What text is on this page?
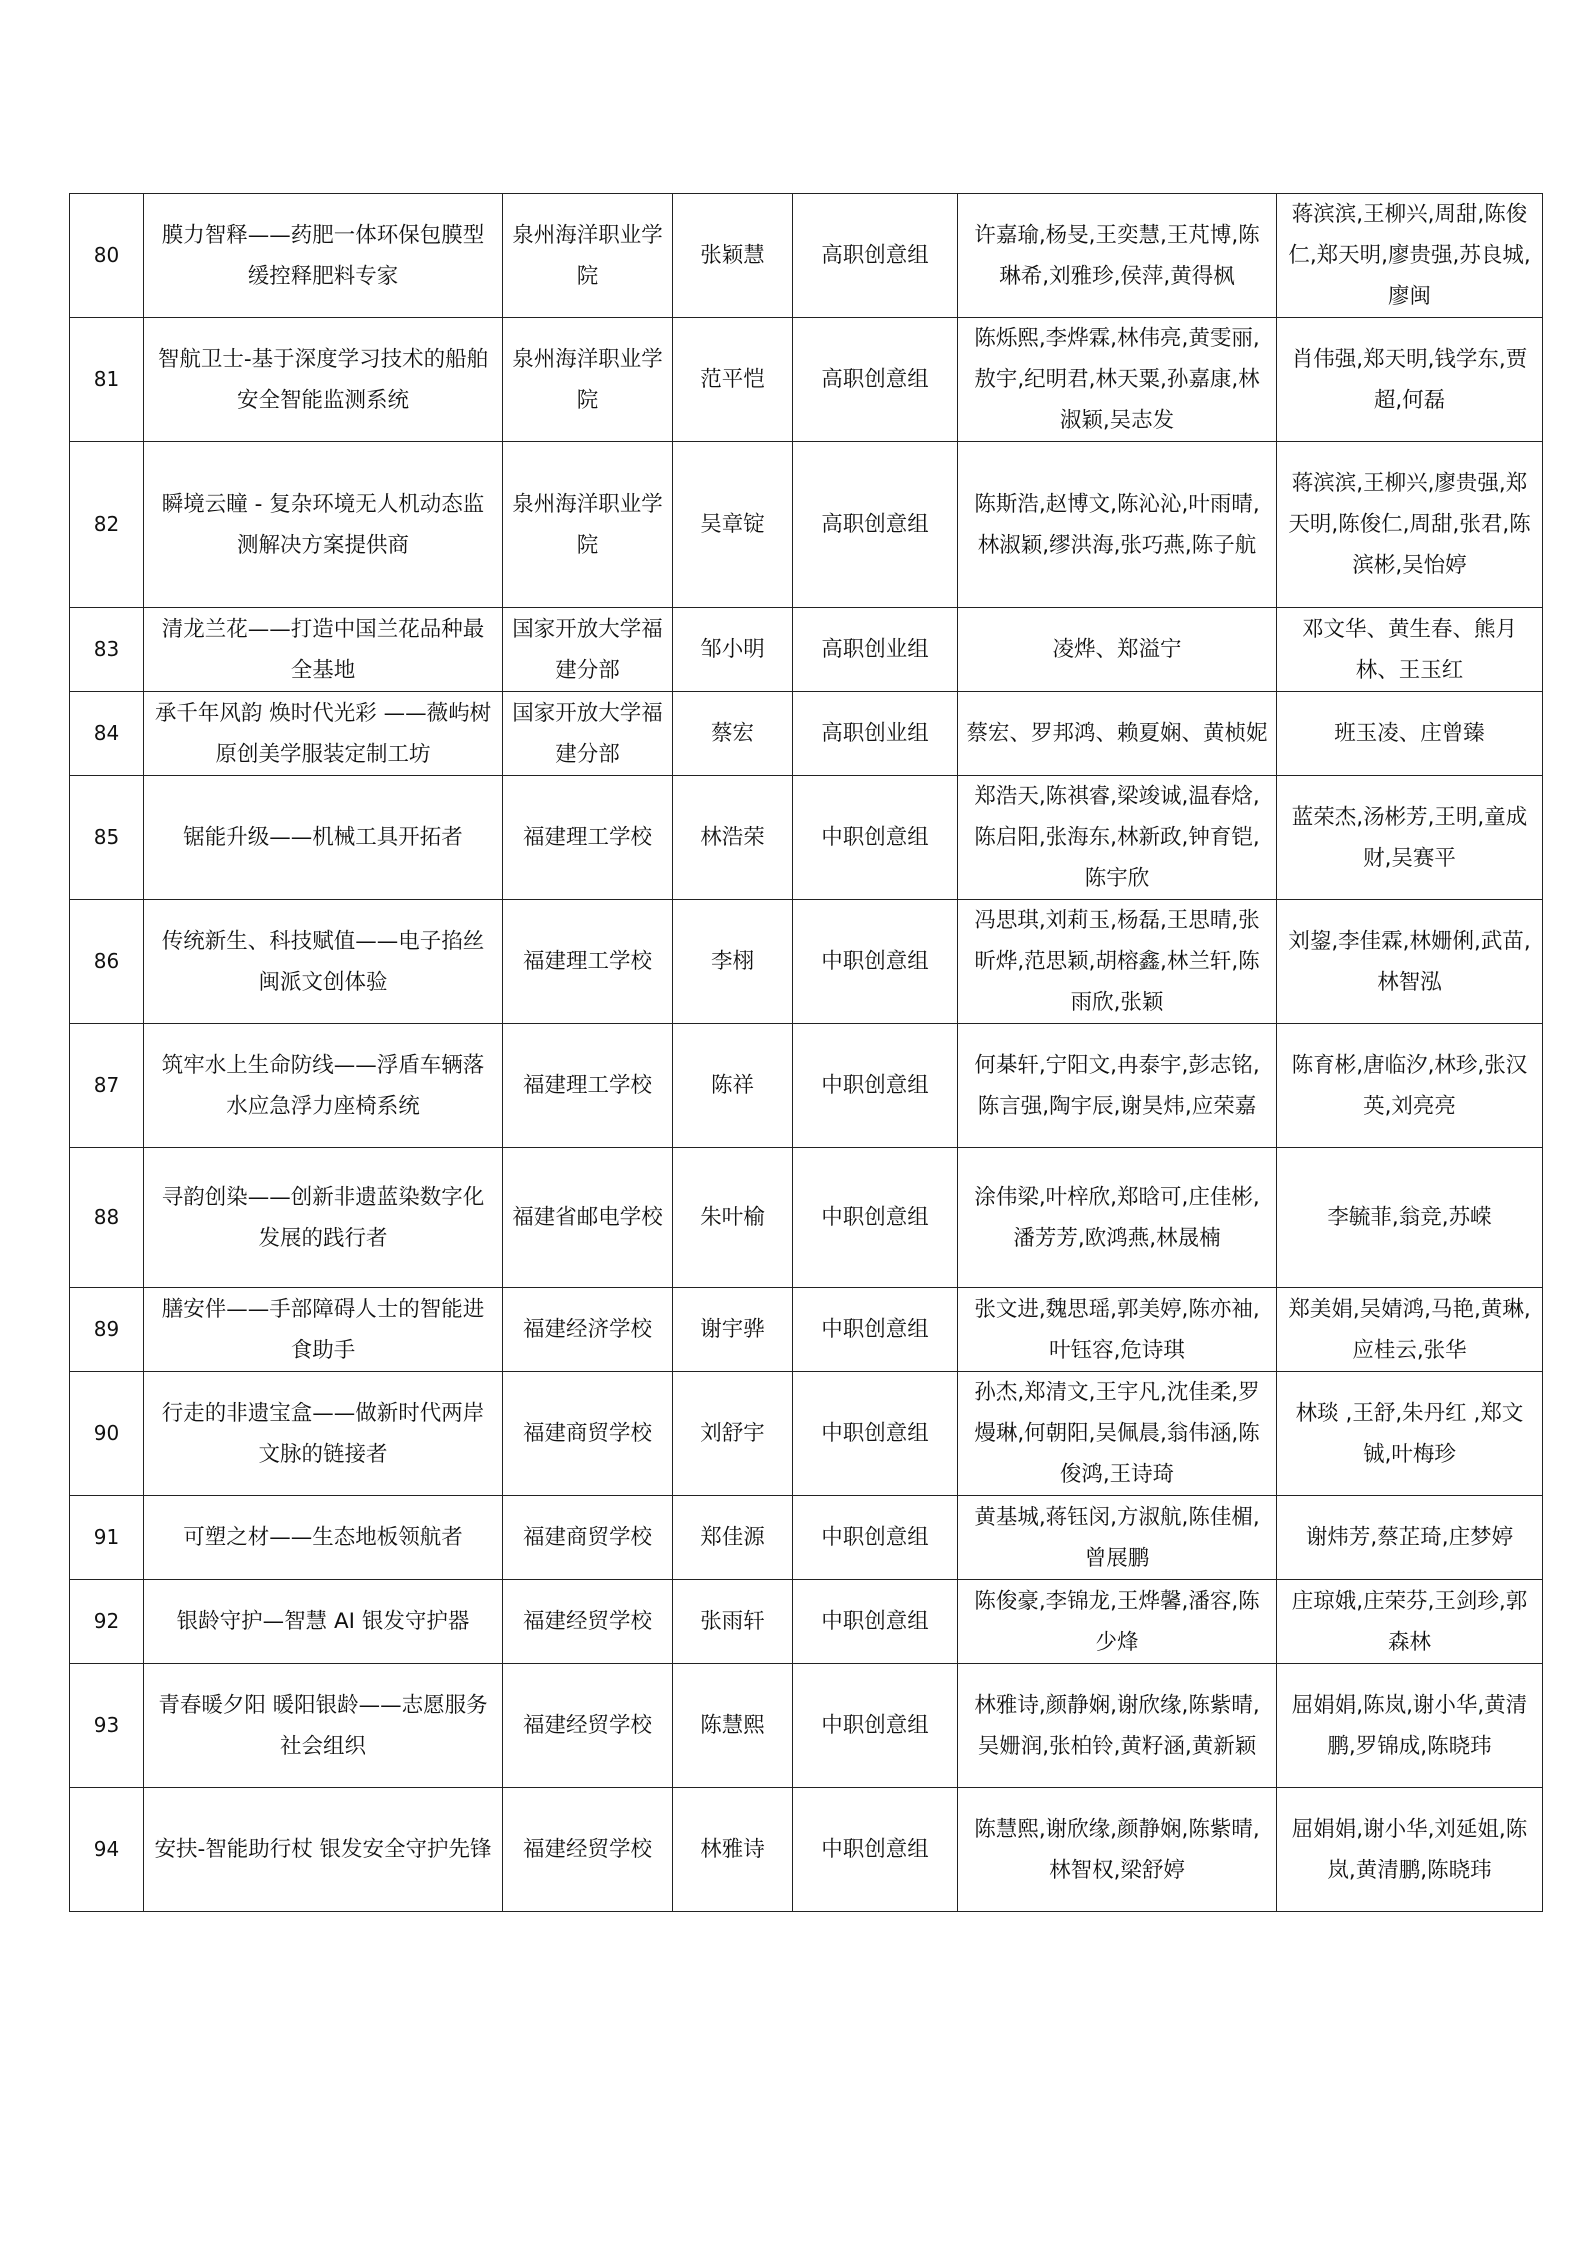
80	膜力智释——药肥一体环保包膜型缓控释肥料专家	泉州海洋职业学院	张颖慧	高职创意组	许嘉瑜,杨旻,王奕慧,王芃博,陈琳希,刘雅珍,侯萍,黄得枫	蒋滨滨,王柳兴,周甜,陈俊仁,郑天明,廖贵强,苏良城,廖闽
81	智航卫士-基于深度学习技术的船舶安全智能监测系统	泉州海洋职业学院	范平恺	高职创意组	陈烁熙,李烨霖,林伟亮,黄雯丽,敖宇,纪明君,林天粟,孙嘉康,林淑颖,吴志发	肖伟强,郑天明,钱学东,贾超,何磊
82	瞬境云瞳 - 复杂环境无人机动态监测解决方案提供商	泉州海洋职业学院	吴章锭	高职创意组	陈斯浩,赵博文,陈沁沁,叶雨晴,林淑颖,缪洪海,张巧燕,陈子航	蒋滨滨,王柳兴,廖贵强,郑天明,陈俊仁,周甜,张君,陈滨彬,吴怡婷
83	清龙兰花——打造中国兰花品种最全基地	国家开放大学福建分部	邹小明	高职创业组	凌烨、郑溢宁	邓文华、黄生春、熊月林、王玉红
84	承千年风韵 焕时代光彩 ——薇屿树原创美学服装定制工坊	国家开放大学福建分部	蔡宏	高职创业组	蔡宏、罗邦鸿、赖夏娴、黄桢妮	班玉凌、庄曾臻
85	锯能升级——机械工具开拓者	福建理工学校	林浩荣	中职创意组	郑浩天,陈祺睿,梁竣诚,温春焓,陈启阳,张海东,林新政,钟育铠,陈宇欣	蓝荣杰,汤彬芳,王明,童成财,吴赛平
86	传统新生、科技赋值——电子掐丝闽派文创体验	福建理工学校	李栩	中职创意组	冯思琪,刘莉玉,杨磊,王思晴,张昕烨,范思颖,胡榕鑫,林兰轩,陈雨欣,张颖	刘鋆,李佳霖,林姗俐,武苗,林智泓
87	筑牢水上生命防线——浮盾车辆落水应急浮力座椅系统	福建理工学校	陈祥	中职创意组	何棊轩,宁阳文,冉泰宇,彭志铭,陈言强,陶宇辰,谢昊炜,应荣嘉	陈育彬,唐临汐,林珍,张汉英,刘亮亮
88	寻韵创染——创新非遗蓝染数字化发展的践行者	福建省邮电学校	朱叶榆	中职创意组	涂伟梁,叶梓欣,郑晗可,庄佳彬,潘芳芳,欧鸿燕,林晟楠	李毓菲,翁竞,苏嵘
89	膳安伴——手部障碍人士的智能进食助手	福建经济学校	谢宇骅	中职创意组	张文进,魏思瑶,郭美婷,陈亦袖,叶钰容,危诗琪	郑美娟,吴婧鸿,马艳,黄琳,应桂云,张华
90	行走的非遗宝盒——做新时代两岸文脉的链接者	福建商贸学校	刘舒宇	中职创意组	孙杰,郑清文,王宇凡,沈佳柔,罗熳琳,何朝阳,吴佩晨,翁伟涵,陈俊鸿,王诗琦	林琰 ,王舒,朱丹红 ,郑文铖,叶梅珍
91	可塑之材——生态地板领航者	福建商贸学校	郑佳源	中职创意组	黄基城,蒋钰闵,方淑航,陈佳楣,曾展鹏	谢炜芳,蔡芷琦,庄梦婷
92	银龄守护—智慧 AI 银发守护器	福建经贸学校	张雨轩	中职创意组	陈俊豪,李锦龙,王烨馨,潘容,陈少烽	庄琼娥,庄荣芬,王剑珍,郭森林
93	青春暖夕阳 暖阳银龄——志愿服务社会组织	福建经贸学校	陈慧熙	中职创意组	林雅诗,颜静娴,谢欣缘,陈紫晴,吴姗润,张柏铃,黄籽涵,黄新颖	屈娟娟,陈岚,谢小华,黄清鹏,罗锦成,陈晓玮
94	安扶-智能助行杖 银发安全守护先锋	福建经贸学校	林雅诗	中职创意组	陈慧熙,谢欣缘,颜静娴,陈紫晴,林智权,梁舒婷	屈娟娟,谢小华,刘延姐,陈岚,黄清鹏,陈晓玮
